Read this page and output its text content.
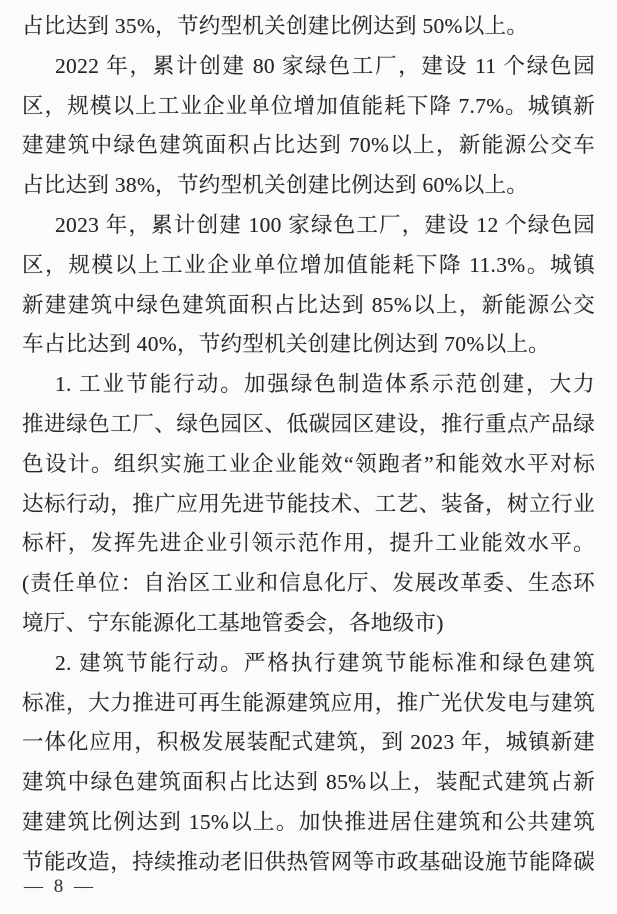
占比达到 35%，节约型机关创建比例达到 50%以上。
2022 年，累计创建 80 家绿色工厂，建设 11 个绿色园
区，规模以上工业企业单位增加值能耗下降 7.7%。城镇新
建建筑中绿色建筑面积占比达到 70%以上，新能源公交车
占比达到 38%，节约型机关创建比例达到 60%以上。
2023 年，累计创建 100 家绿色工厂，建设 12 个绿色园
区，规模以上工业企业单位增加值能耗下降 11.3%。城镇
新建建筑中绿色建筑面积占比达到 85%以上，新能源公交
车占比达到 40%，节约型机关创建比例达到 70%以上。
1. 工业节能行动。加强绿色制造体系示范创建，大力
推进绿色工厂、绿色园区、低碳园区建设，推行重点产品绿
色设计。组织实施工业企业能效“领跑者”和能效水平对标
达标行动，推广应用先进节能技术、工艺、装备，树立行业
标杆，发挥先进企业引领示范作用，提升工业能效水平。
(责任单位：自治区工业和信息化厅、发展改革委、生态环
境厅、宁东能源化工基地管委会，各地级市)
2. 建筑节能行动。严格执行建筑节能标准和绿色建筑
标准，大力推进可再生能源建筑应用，推广光伏发电与建筑
一体化应用，积极发展装配式建筑，到 2023 年，城镇新建
建筑中绿色建筑面积占比达到 85%以上，装配式建筑占新
建建筑比例达到 15%以上。加快推进居住建筑和公共建筑
节能改造，持续推动老旧供热管网等市政基础设施节能降碳
— 8 —
